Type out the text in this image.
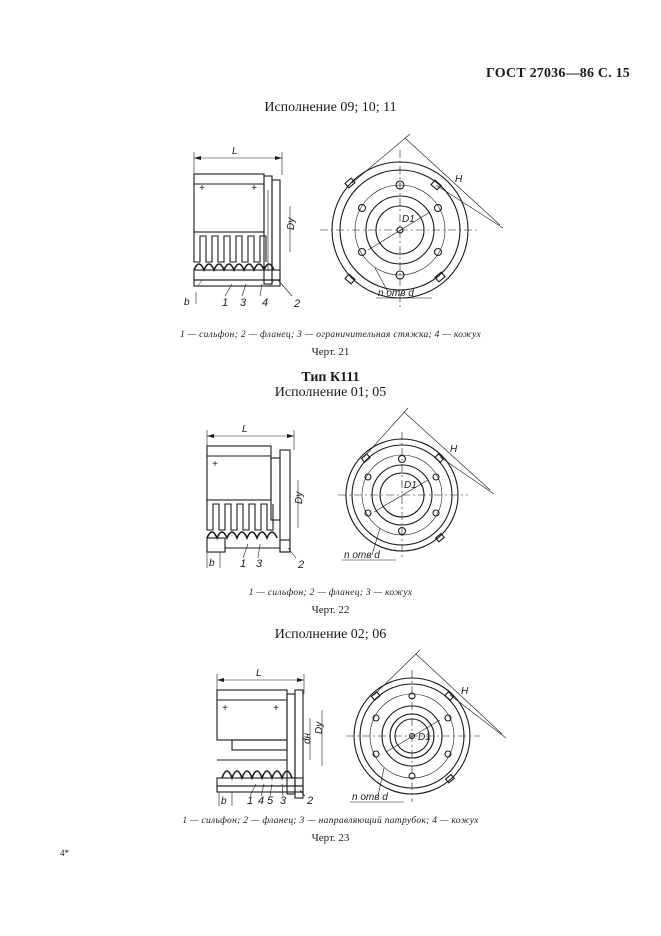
ГОСТ 27036—86 С. 15
Исполнение 09; 10; 11
1 — сильфон; 2 — фланец; 3 — ограничительная стяжка; 4 — кожух
Черт. 21
Тип К111
Исполнение 01; 05
1 — сильфон; 2 — фланец; 3 — кожух
Черт. 22
Исполнение 02; 06
1 — сильфон; 2 — фланец; 3 — направляющий патрубок; 4 — кожух
Черт. 23
4*
L
+	+
Dу
b	1 3 4 2
H
D1
n отв d
L
+
Dу
b 1 3	2
H
D1
n отв d
L
+	+
dн
Dу
b 1 4 5 3 2
H
D1
n отв d
